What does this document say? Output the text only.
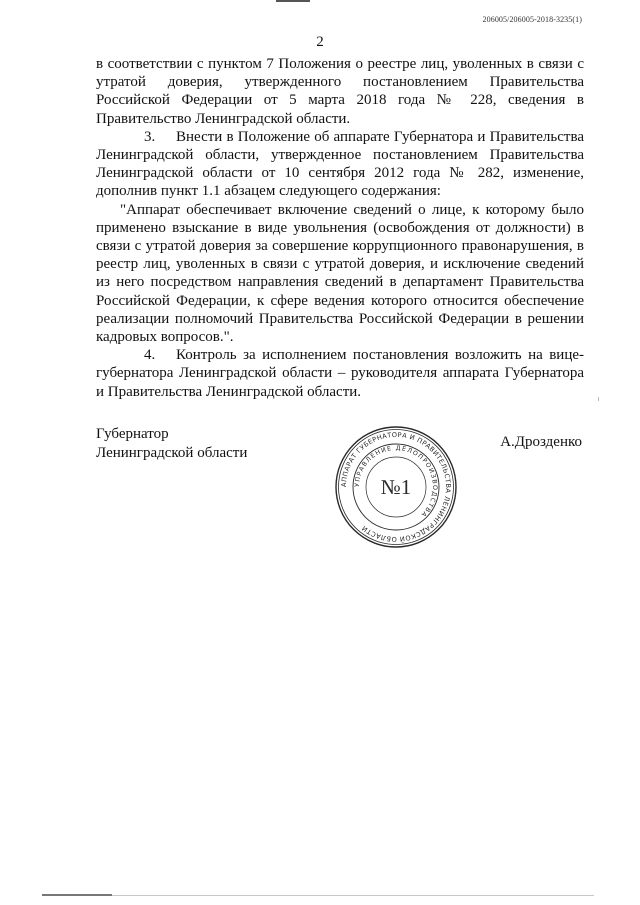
206005/206005-2018-3235(1)
2

в соответствии с пунктом 7 Положения о реестре лиц, уволенных в связи с утратой доверия, утвержденного постановлением Правительства Российской Федерации от 5 марта 2018 года № 228, сведения в Правительство Ленинградской области.

3. Внести в Положение об аппарате Губернатора и Правительства Ленинградской области, утвержденное постановлением Правительства Ленинградской области от 10 сентября 2012 года № 282, изменение, дополнив пункт 1.1 абзацем следующего содержания:

"Аппарат обеспечивает включение сведений о лице, к которому было применено взыскание в виде увольнения (освобождения от должности) в связи с утратой доверия за совершение коррупционного правонарушения, в реестр лиц, уволенных в связи с утратой доверия, и исключение сведений из него посредством направления сведений в департамент Правительства Российской Федерации, к сфере ведения которого относится обеспечение реализации полномочий Правительства Российской Федерации в решении кадровых вопросов.".

4. Контроль за исполнением постановления возложить на вице-губернатора Ленинградской области – руководителя аппарата Губернатора и Правительства Ленинградской области.

Губернатор
Ленинградской области
АППАРАТ ГУБЕРНАТОРА И ПРАВИТЕЛЬСТВА ЛЕНИНГРАДСКОЙ ОБЛАСТИ
УПРАВЛЕНИЕ ДЕЛОПРОИЗВОДСТВА
№1
А.Дрозденко
